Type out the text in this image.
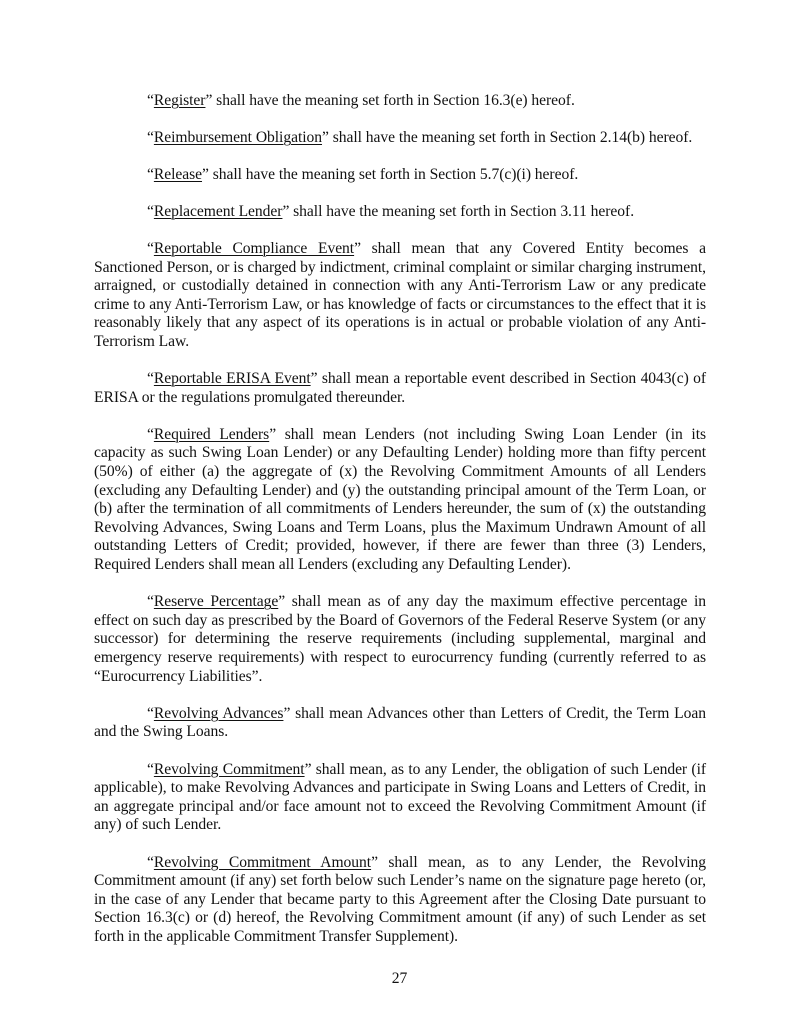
“Register” shall have the meaning set forth in Section 16.3(e) hereof.

“Reimbursement Obligation” shall have the meaning set forth in Section 2.14(b) hereof.

“Release” shall have the meaning set forth in Section 5.7(c)(i) hereof.

“Replacement Lender” shall have the meaning set forth in Section 3.11 hereof.

“Reportable Compliance Event” shall mean that any Covered Entity becomes a Sanctioned Person, or is charged by indictment, criminal complaint or similar charging instrument, arraigned, or custodially detained in connection with any Anti-Terrorism Law or any predicate crime to any Anti-Terrorism Law, or has knowledge of facts or circumstances to the effect that it is reasonably likely that any aspect of its operations is in actual or probable violation of any Anti-Terrorism Law.

“Reportable ERISA Event” shall mean a reportable event described in Section 4043(c) of ERISA or the regulations promulgated thereunder.

“Required Lenders” shall mean Lenders (not including Swing Loan Lender (in its capacity as such Swing Loan Lender) or any Defaulting Lender) holding more than fifty percent (50%) of either (a) the aggregate of (x) the Revolving Commitment Amounts of all Lenders (excluding any Defaulting Lender) and (y) the outstanding principal amount of the Term Loan, or (b) after the termination of all commitments of Lenders hereunder, the sum of (x) the outstanding Revolving Advances, Swing Loans and Term Loans, plus the Maximum Undrawn Amount of all outstanding Letters of Credit; provided, however, if there are fewer than three (3) Lenders, Required Lenders shall mean all Lenders (excluding any Defaulting Lender).

“Reserve Percentage” shall mean as of any day the maximum effective percentage in effect on such day as prescribed by the Board of Governors of the Federal Reserve System (or any successor) for determining the reserve requirements (including supplemental, marginal and emergency reserve requirements) with respect to eurocurrency funding (currently referred to as “Eurocurrency Liabilities”.

“Revolving Advances” shall mean Advances other than Letters of Credit, the Term Loan and the Swing Loans.

“Revolving Commitment” shall mean, as to any Lender, the obligation of such Lender (if applicable), to make Revolving Advances and participate in Swing Loans and Letters of Credit, in an aggregate principal and/or face amount not to exceed the Revolving Commitment Amount (if any) of such Lender.

“Revolving Commitment Amount” shall mean, as to any Lender, the Revolving Commitment amount (if any) set forth below such Lender’s name on the signature page hereto (or, in the case of any Lender that became party to this Agreement after the Closing Date pursuant to Section 16.3(c) or (d) hereof, the Revolving Commitment amount (if any) of such Lender as set forth in the applicable Commitment Transfer Supplement).

27
